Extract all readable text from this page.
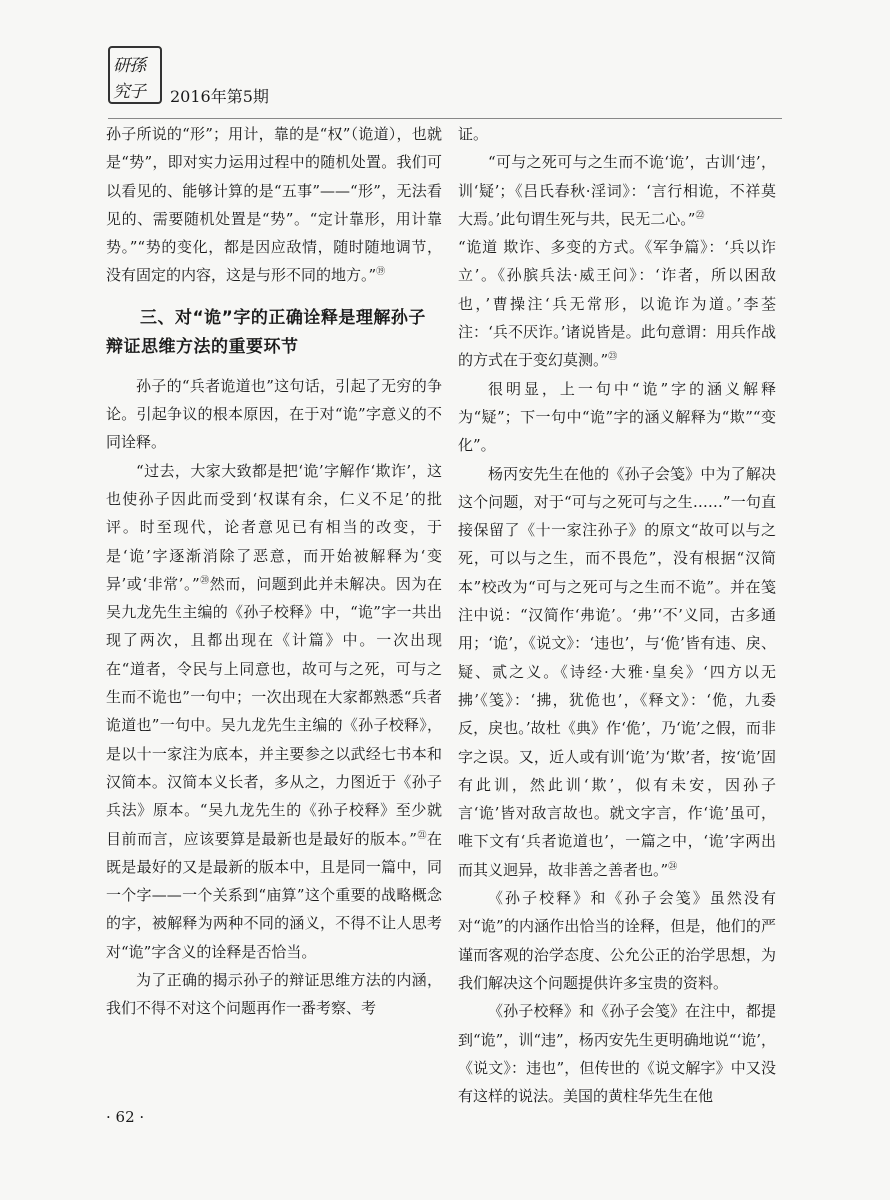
研孫
究子 2016年第5期

孙子所说的“形”；用计，靠的是“权”（诡道），也就是“势”，即对实力运用过程中的随机处置。我们可以看见的、能够计算的是“五事”——“形”，无法看见的、需要随机处置是“势”。“定计靠形，用计靠势。”“势的变化，都是因应敌情，随时随地调节，没有固定的内容，这是与形不同的地方。”⑲

三、对“诡”字的正确诠释是理解孙子辩证思维方法的重要环节

孙子的“兵者诡道也”这句话，引起了无穷的争论。引起争议的根本原因，在于对“诡”字意义的不同诠释。

“过去，大家大致都是把‘诡’字解作‘欺诈’，这也使孙子因此而受到‘权谋有余，仁义不足’的批评。时至现代，论者意见已有相当的改变，于是‘诡’字逐渐消除了恶意，而开始被解释为‘变异’或‘非常’。”⑳然而，问题到此并未解决。因为在吴九龙先生主编的《孙子校释》中，“诡”字一共出现了两次，且都出现在《计篇》中。一次出现在“道者，令民与上同意也，故可与之死，可与之生而不诡也”一句中；一次出现在大家都熟悉“兵者诡道也”一句中。吴九龙先生主编的《孙子校释》，是以十一家注为底本，并主要参之以武经七书本和汉简本。汉简本义长者，多从之，力图近于《孙子兵法》原本。“吴九龙先生的《孙子校释》至少就目前而言，应该要算是最新也是最好的版本。”$^㉑$在既是最好的又是最新的版本中，且是同一篇中，同一个字——一个关系到“庙算”这个重要的战略概念的字，被解释为两种不同的涵义，不得不让人思考对“诡”字含义的诠释是否恰当。

为了正确的揭示孙子的辩证思维方法的内涵，我们不得不对这个问题再作一番考察、考

证。

“可与之死可与之生而不诡‘诡’，古训‘违’，训‘疑’；《吕氏春秋·淫词》：‘言行相诡，不祥莫大焉。’此句谓生死与共，民无二心。”$^㉒$

“诡道 欺诈、多变的方式。《军争篇》：‘兵以诈立’。《孙膑兵法·威王问》：‘诈者，所以困敌也，’曹操注‘兵无常形，以诡诈为道。’李荃注：‘兵不厌诈。’诸说皆是。此句意谓：用兵作战的方式在于变幻莫测。”$^㉓$

很明显，上一句中“诡”字的涵义解释为“疑”；下一句中“诡”字的涵义解释为“欺”“变化”。

杨丙安先生在他的《孙子会笺》中为了解决这个问题，对于“可与之死可与之生……”一句直接保留了《十一家注孙子》的原文“故可以与之死，可以与之生，而不畏危”，没有根据“汉简本”校改为“可与之死可与之生而不诡”。并在笺注中说：“汉简作‘弗诡’。‘弗’‘不’义同，古多通用；‘诡’，《说文》：‘违也’，与‘佹’皆有违、戾、疑、贰之义。《诗经·大雅·皇矣》‘四方以无拂’《笺》：‘拂，犹佹也’，《释文》：‘佹，九委反，戾也。’故杜《典》作‘佹’，乃‘诡’之假，而非字之误。又，近人或有训‘诡’为‘欺’者，按‘诡’固有此训，然此训‘欺’，似有未安，因孙子言‘诡’皆对敌言故也。就文字言，作‘诡’虽可，唯下文有‘兵者诡道也’，一篇之中，‘诡’字两出而其义迥异，故非善之善者也。”$^㉔$

《孙子校释》和《孙子会笺》虽然没有对“诡”的内涵作出恰当的诠释，但是，他们的严谨而客观的治学态度、公允公正的治学思想，为我们解决这个问题提供许多宝贵的资料。

《孙子校释》和《孙子会笺》在注中，都提到“诡”，训“违”，杨丙安先生更明确地说“‘诡’，《说文》：违也”，但传世的《说文解字》中又没有这样的说法。美国的黄柱华先生在他

· 62 ·
